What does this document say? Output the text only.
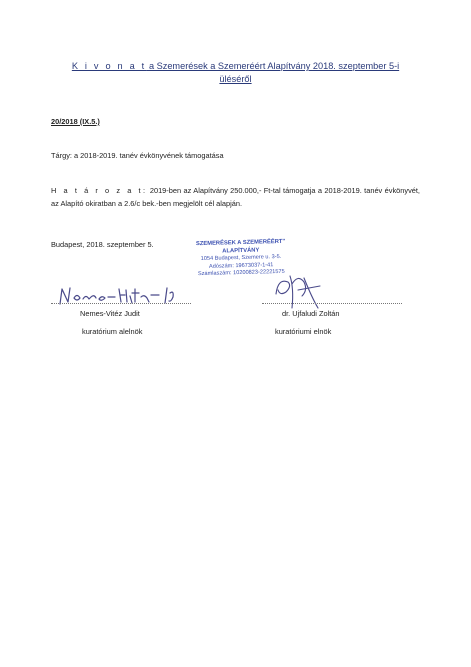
K i v o n a t a Szemerések a Szemeréért Alapítvány 2018. szeptember 5-i
üléséről
20/2018 (IX.5.)
Tárgy: a 2018-2019. tanév évkönyvének támogatása
H a t á r o z a t: 2019-ben az Alapítvány 250.000,- Ft-tal támogatja a 2018-2019. tanév évkönyvét, az Alapító okiratban a 2.6/c bek.-ben megjelölt cél alapján.
Budapest, 2018. szeptember 5.	SZEMERÉSEK A SZEMERÉÉRT"
ALAPÍTVÁNY
1054 Budapest, Szemere u. 3-5.
Adószám: 19673037-1-41
Számlaszám: 10200823-22221575
Nemes-Vitéz Judit
kuratórium alelnök
dr. Ujfaludi Zoltán
kuratóriumi elnök
